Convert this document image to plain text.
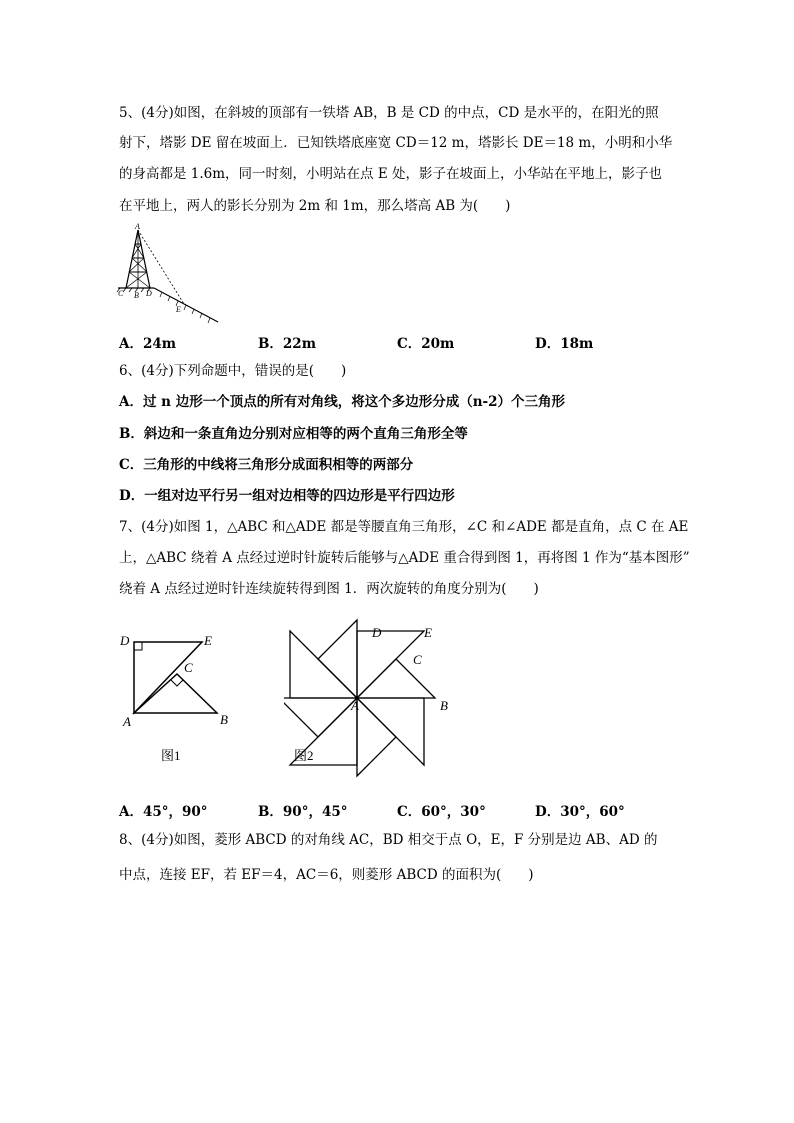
5、(4分)如图，在斜坡的顶部有一铁塔 AB，B 是 CD 的中点，CD 是水平的，在阳光的照
射下，塔影 DE 留在坡面上．已知铁塔底座宽 CD＝12 m，塔影长 DE＝18 m，小明和小华
的身高都是 1.6m，同一时刻，小明站在点 E 处，影子在坡面上，小华站在平地上，影子也
在平地上，两人的影长分别为 2m 和 1m，那么塔高 AB 为(　　)
A
C B D
E
A．24m	B．22m	C．20m	D．18m
6、(4分)下列命题中，错误的是(　　)
A．过 n 边形一个顶点的所有对角线，将这个多边形分成（n-2）个三角形
B．斜边和一条直角边分别对应相等的两个直角三角形全等
C．三角形的中线将三角形分成面积相等的两部分
D．一组对边平行另一组对边相等的四边形是平行四边形
7、(4分)如图 1，△ABC 和△ADE 都是等腰直角三角形，∠C 和∠ADE 都是直角，点 C 在 AE
上，△ABC 绕着 A 点经过逆时针旋转后能够与△ADE 重合得到图 1，再将图 1 作为“基本图形”
绕着 A 点经过逆时针连续旋转得到图 1．两次旋转的角度分别为(　　)
D	E
C
A	B
图1
D	E
C
A	B
图2
A．45°，90°	B．90°，45°	C．60°，30°	D．30°，60°
8、(4分)如图，菱形 ABCD 的对角线 AC，BD 相交于点 O，E，F 分别是边 AB、AD 的
中点，连接 EF，若 EF＝4，AC＝6，则菱形 ABCD 的面积为(　　)
